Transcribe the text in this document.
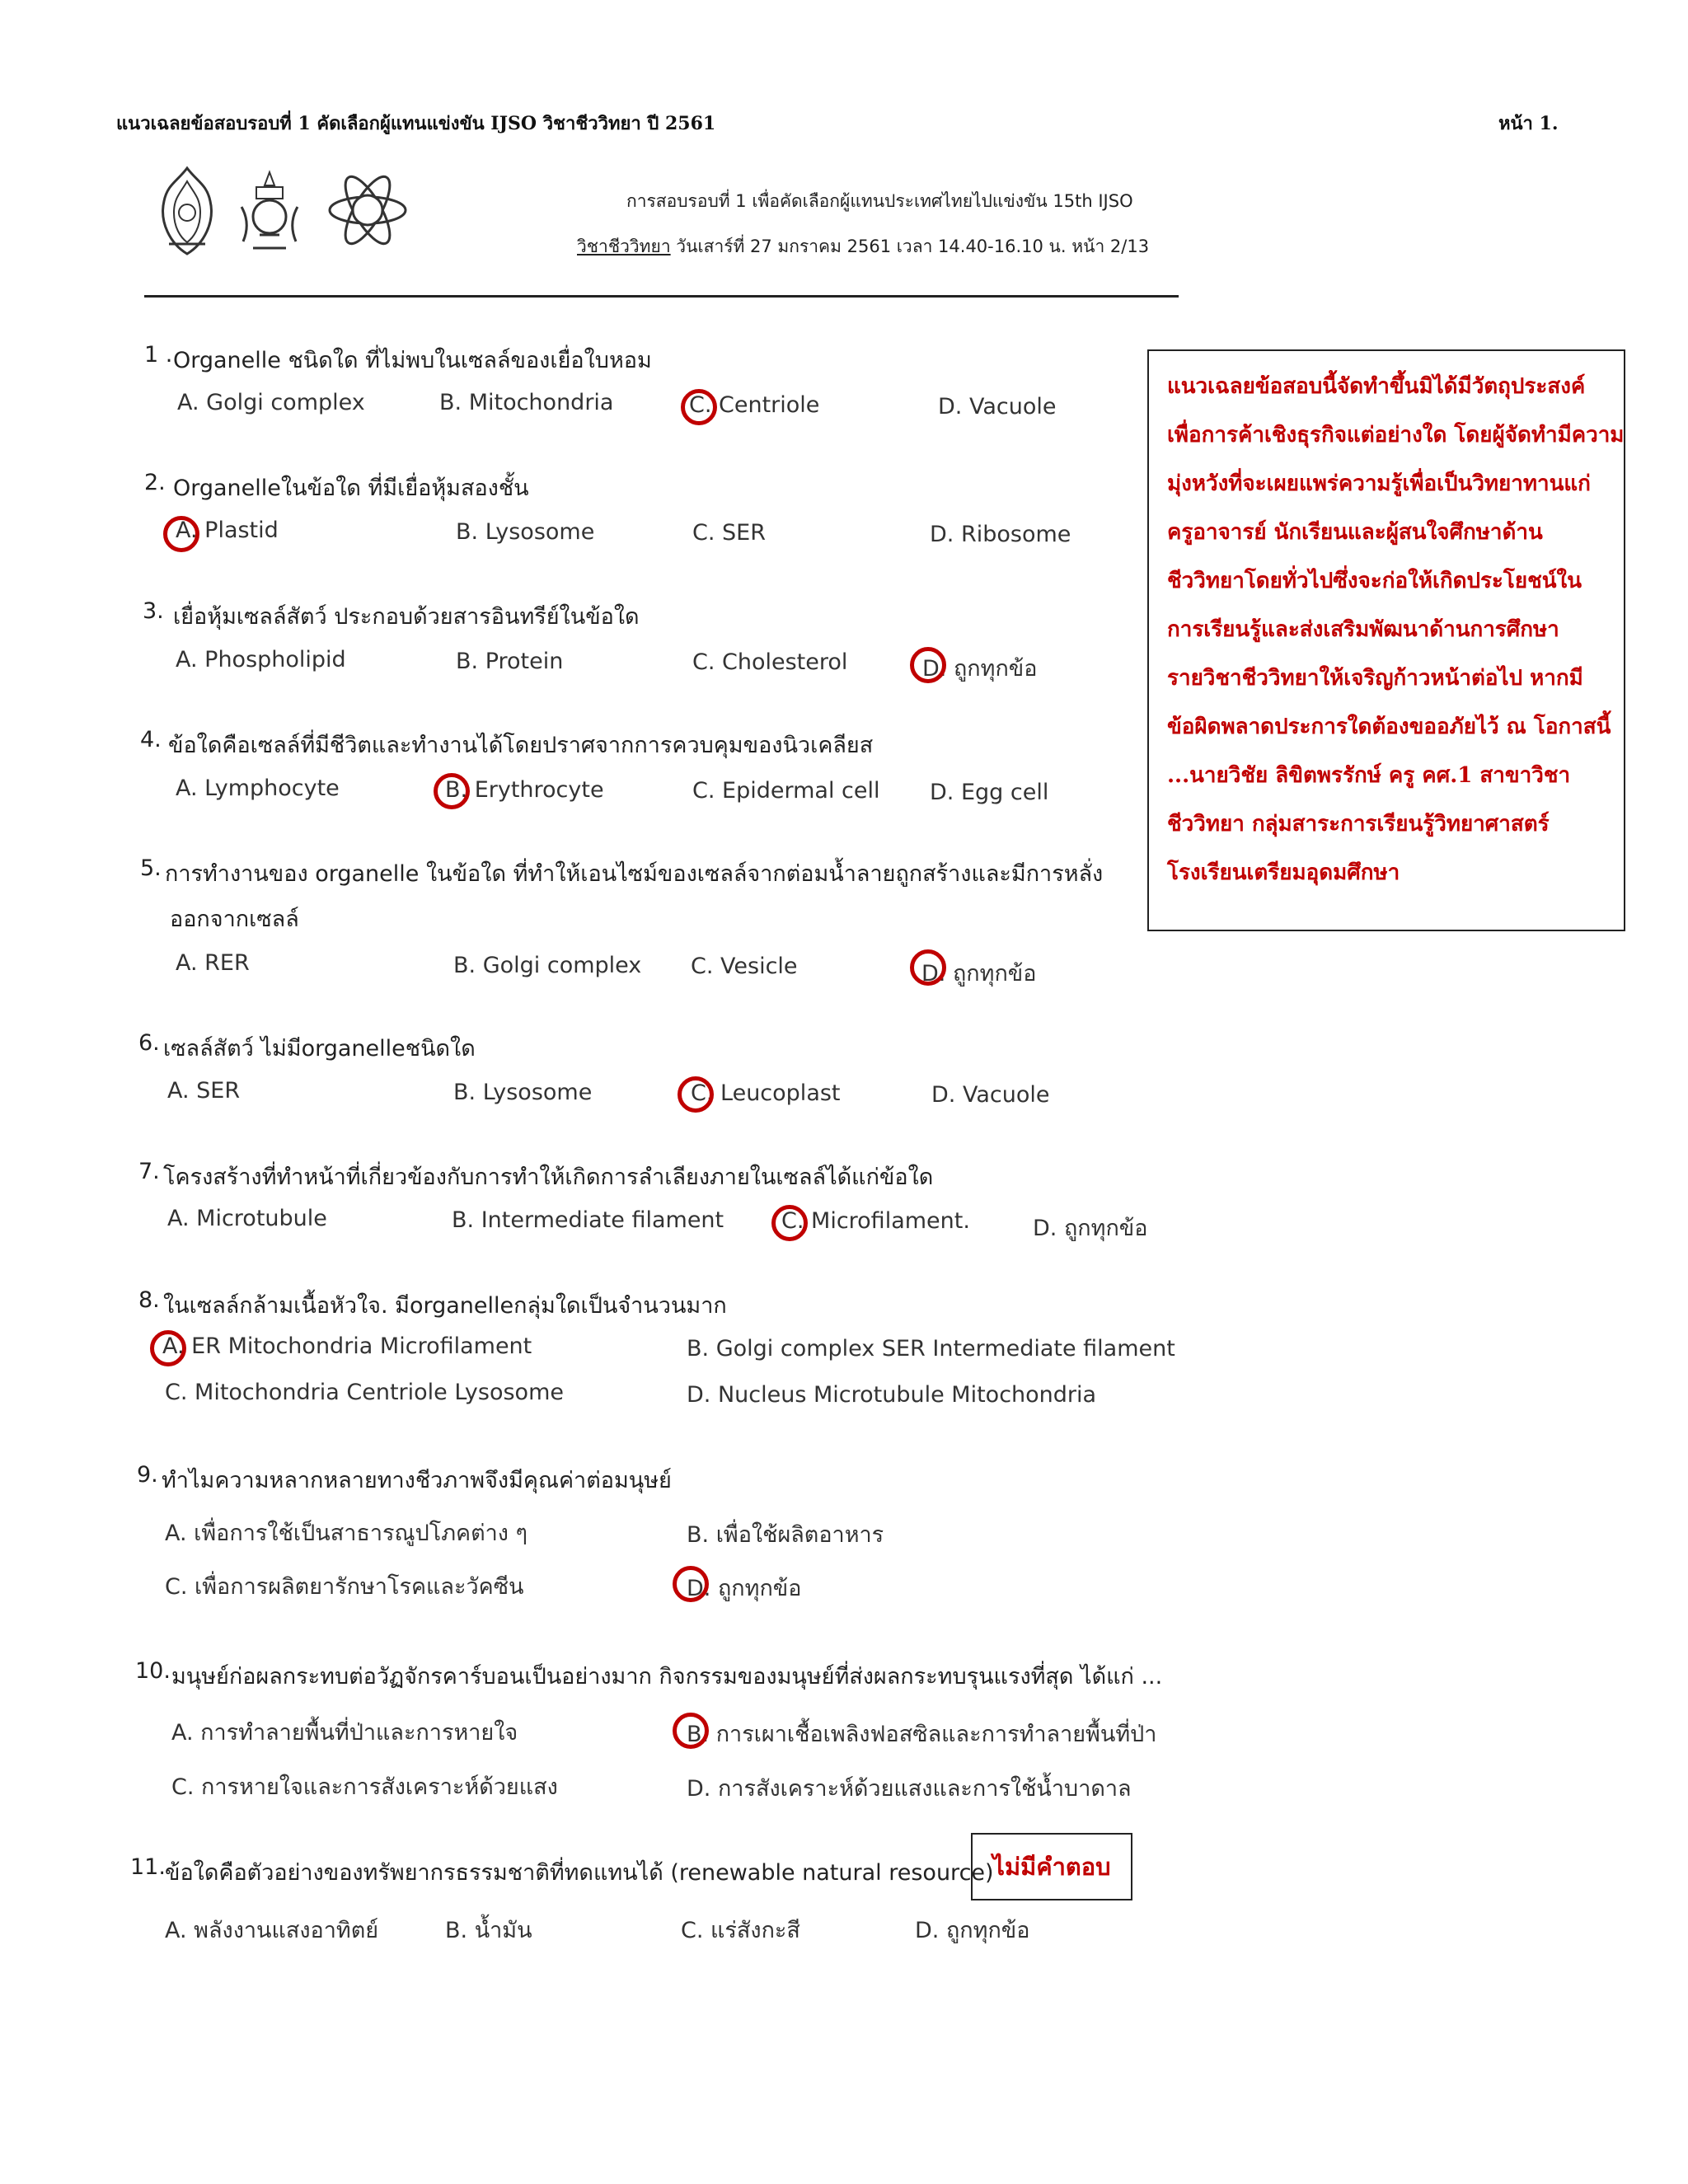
แนวเฉลยข้อสอบรอบที่ 1 คัดเลือกผู้แทนแข่งขัน IJSO วิชาชีววิทยา ปี 2561	หน้า 1.
การสอบรอบที่ 1 เพื่อคัดเลือกผู้แทนประเทศไทยไปแข่งขัน 15th IJSO
วิชาชีววิทยา วันเสาร์ที่ 27 มกราคม 2561 เวลา 14.40-16.10 น. หน้า 2/13
แนวเฉลยข้อสอบนี้จัดทำขึ้นมิได้มีวัตถุประสงค์
เพื่อการค้าเชิงธุรกิจแต่อย่างใด โดยผู้จัดทำมีความ
มุ่งหวังที่จะเผยแพร่ความรู้เพื่อเป็นวิทยาทานแก่
ครูอาจารย์ นักเรียนและผู้สนใจศึกษาด้าน
ชีววิทยาโดยทั่วไปซึ่งจะก่อให้เกิดประโยชน์ใน
การเรียนรู้และส่งเสริมพัฒนาด้านการศึกษา
รายวิชาชีววิทยาให้เจริญก้าวหน้าต่อไป หากมี
ข้อผิดพลาดประการใดต้องขออภัยไว้ ณ โอกาสนี้
...นายวิชัย ลิขิตพรรักษ์ ครู คศ.1 สาขาวิชา
ชีววิทยา กลุ่มสาระการเรียนรู้วิทยาศาสตร์
โรงเรียนเตรียมอุดมศึกษา
1 . Organelle ชนิดใด ที่ไม่พบในเซลล์ของเยื่อใบหอม
A. Golgi complex	B. Mitochondria	C. Centriole	D. Vacuole
2. Organelleในข้อใด ที่มีเยื่อหุ้มสองชั้น
A. Plastid	B. Lysosome	C. SER	D. Ribosome
3. เยื่อหุ้มเซลล์สัตว์ ประกอบด้วยสารอินทรีย์ในข้อใด
A. Phospholipid	B. Protein	C. Cholesterol	D. ถูกทุกข้อ
4. ข้อใดคือเซลล์ที่มีชีวิตและทำงานได้โดยปราศจากการควบคุมของนิวเคลียส
A. Lymphocyte	B. Erythrocyte	C. Epidermal cell D. Egg cell
5. การทำงานของ organelle ในข้อใด ที่ทำให้เอนไซม์ของเซลล์จากต่อมน้ำลายถูกสร้างและมีการหลั่ง
ออกจากเซลล์
A. RER	B. Golgi complex C. Vesicle	D. ถูกทุกข้อ
6. เซลล์สัตว์ ไม่มีorganelleชนิดใด
A. SER	B. Lysosome	C. Leucoplast	D. Vacuole
7. โครงสร้างที่ทำหน้าที่เกี่ยวข้องกับการทำให้เกิดการลำเลียงภายในเซลล์ได้แก่ข้อใด
A. Microtubule	B. Intermediate filament	C. Microfilament.	D. ถูกทุกข้อ
8. ในเซลล์กล้ามเนื้อหัวใจ. มีorganelleกลุ่มใดเป็นจำนวนมาก
A. ER Mitochondria Microfilament	B. Golgi complex SER Intermediate filament
C. Mitochondria Centriole Lysosome	D. Nucleus Microtubule Mitochondria
9. ทำไมความหลากหลายทางชีวภาพจึงมีคุณค่าต่อมนุษย์
A. เพื่อการใช้เป็นสาธารณูปโภคต่าง ๆ	B. เพื่อใช้ผลิตอาหาร
C. เพื่อการผลิตยารักษาโรคและวัคซีน	D. ถูกทุกข้อ
10. มนุษย์ก่อผลกระทบต่อวัฏจักรคาร์บอนเป็นอย่างมาก กิจกรรมของมนุษย์ที่ส่งผลกระทบรุนแรงที่สุด ได้แก่ ...
A. การทำลายพื้นที่ป่าและการหายใจ	B. การเผาเชื้อเพลิงฟอสซิลและการทำลายพื้นที่ป่า
C. การหายใจและการสังเคราะห์ด้วยแสง	D. การสังเคราะห์ด้วยแสงและการใช้น้ำบาดาล
11. ข้อใดคือตัวอย่างของทรัพยากรธรรมชาติที่ทดแทนได้ (renewable natural resource)
ไม่มีคำตอบ
A. พลังงานแสงอาทิตย์	B. น้ำมัน	C. แร่สังกะสี	D. ถูกทุกข้อ
